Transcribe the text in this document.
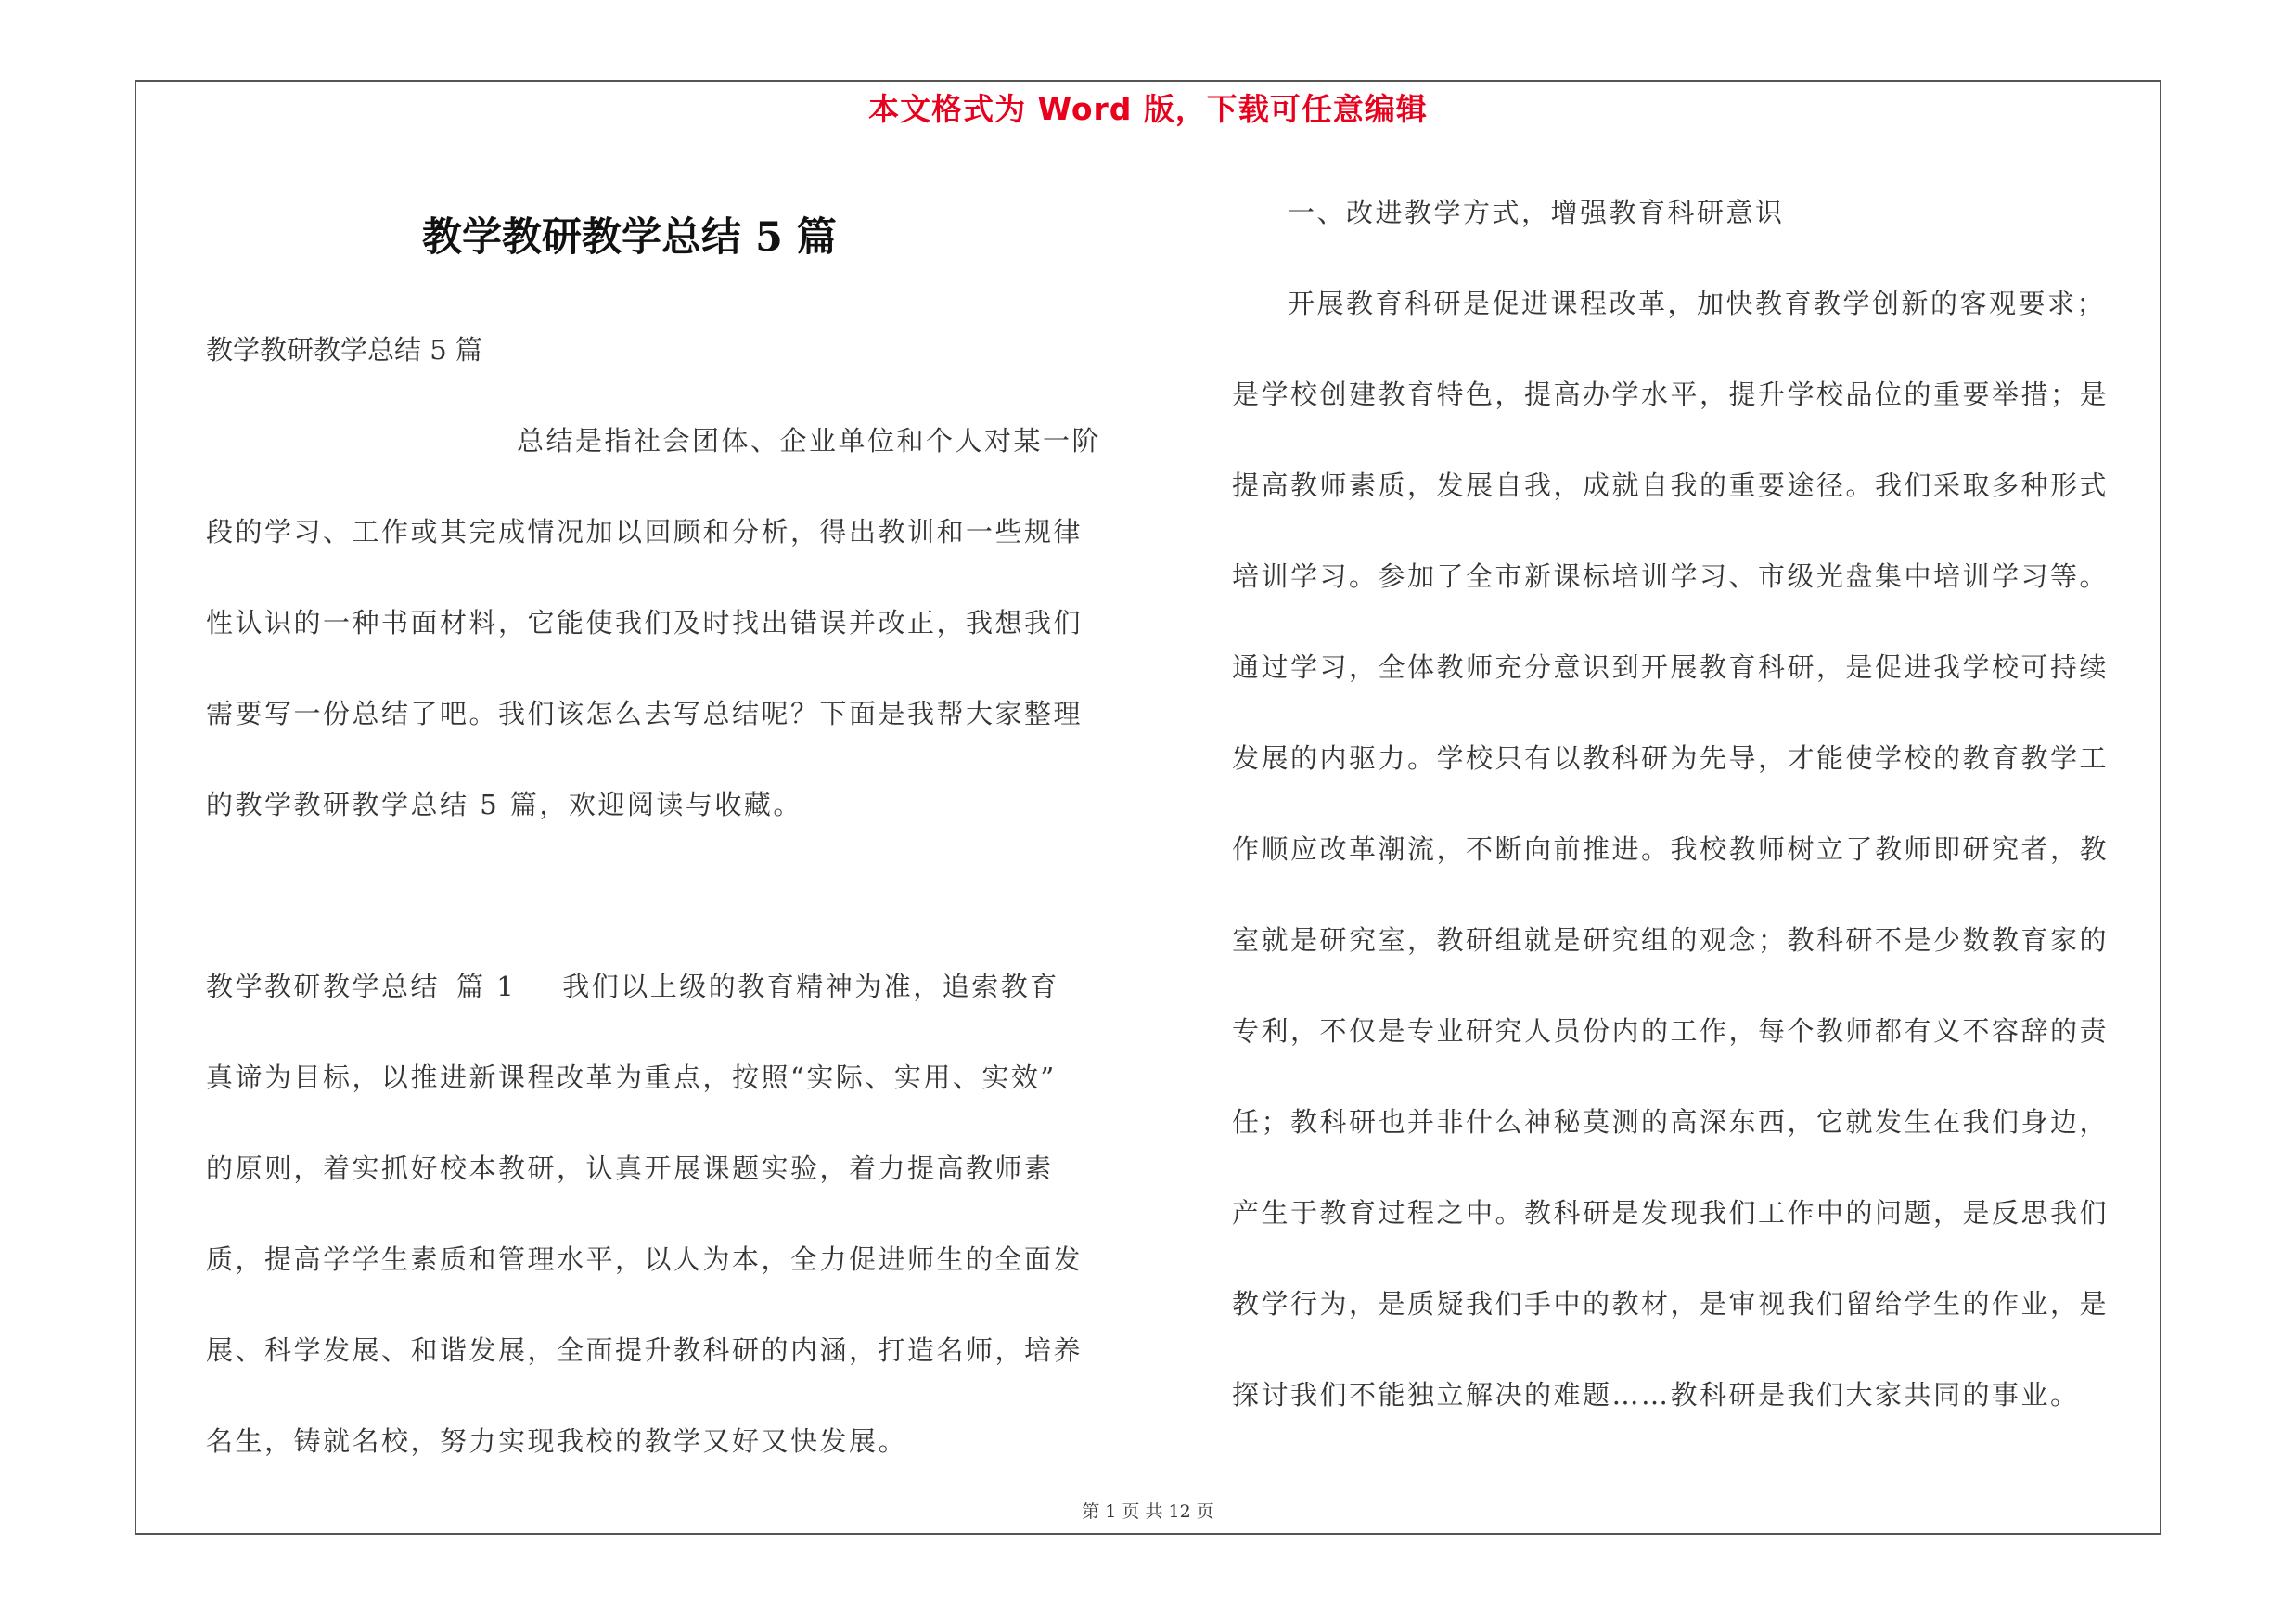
本文格式为 Word 版，下载可任意编辑
教学教研教学总结 5 篇
教学教研教学总结 5 篇
总结是指社会团体、企业单位和个人对某一阶
段的学习、工作或其完成情况加以回顾和分析，得出教训和一些规律
性认识的一种书面材料，它能使我们及时找出错误并改正，我想我们
需要写一份总结了吧。我们该怎么去写总结呢？下面是我帮大家整理
的教学教研教学总结 5 篇，欢迎阅读与收藏。
教学教研教学总结 篇 1 我们以上级的教育精神为准，追索教育
真谛为目标，以推进新课程改革为重点，按照“实际、实用、实效”
的原则，着实抓好校本教研，认真开展课题实验，着力提高教师素
质，提高学学生素质和管理水平，以人为本，全力促进师生的全面发
展、科学发展、和谐发展，全面提升教科研的内涵，打造名师，培养
名生，铸就名校，努力实现我校的教学又好又快发展。
一、改进教学方式，增强教育科研意识
开展教育科研是促进课程改革，加快教育教学创新的客观要求；
是学校创建教育特色，提高办学水平，提升学校品位的重要举措；是
提高教师素质，发展自我，成就自我的重要途径。我们采取多种形式
培训学习。参加了全市新课标培训学习、市级光盘集中培训学习等。
通过学习，全体教师充分意识到开展教育科研，是促进我学校可持续
发展的内驱力。学校只有以教科研为先导，才能使学校的教育教学工
作顺应改革潮流，不断向前推进。我校教师树立了教师即研究者，教
室就是研究室，教研组就是研究组的观念；教科研不是少数教育家的
专利，不仅是专业研究人员份内的工作，每个教师都有义不容辞的责
任；教科研也并非什么神秘莫测的高深东西，它就发生在我们身边，
产生于教育过程之中。教科研是发现我们工作中的问题，是反思我们
教学行为，是质疑我们手中的教材，是审视我们留给学生的作业，是
探讨我们不能独立解决的难题……教科研是我们大家共同的事业。
第 1 页 共 12 页
